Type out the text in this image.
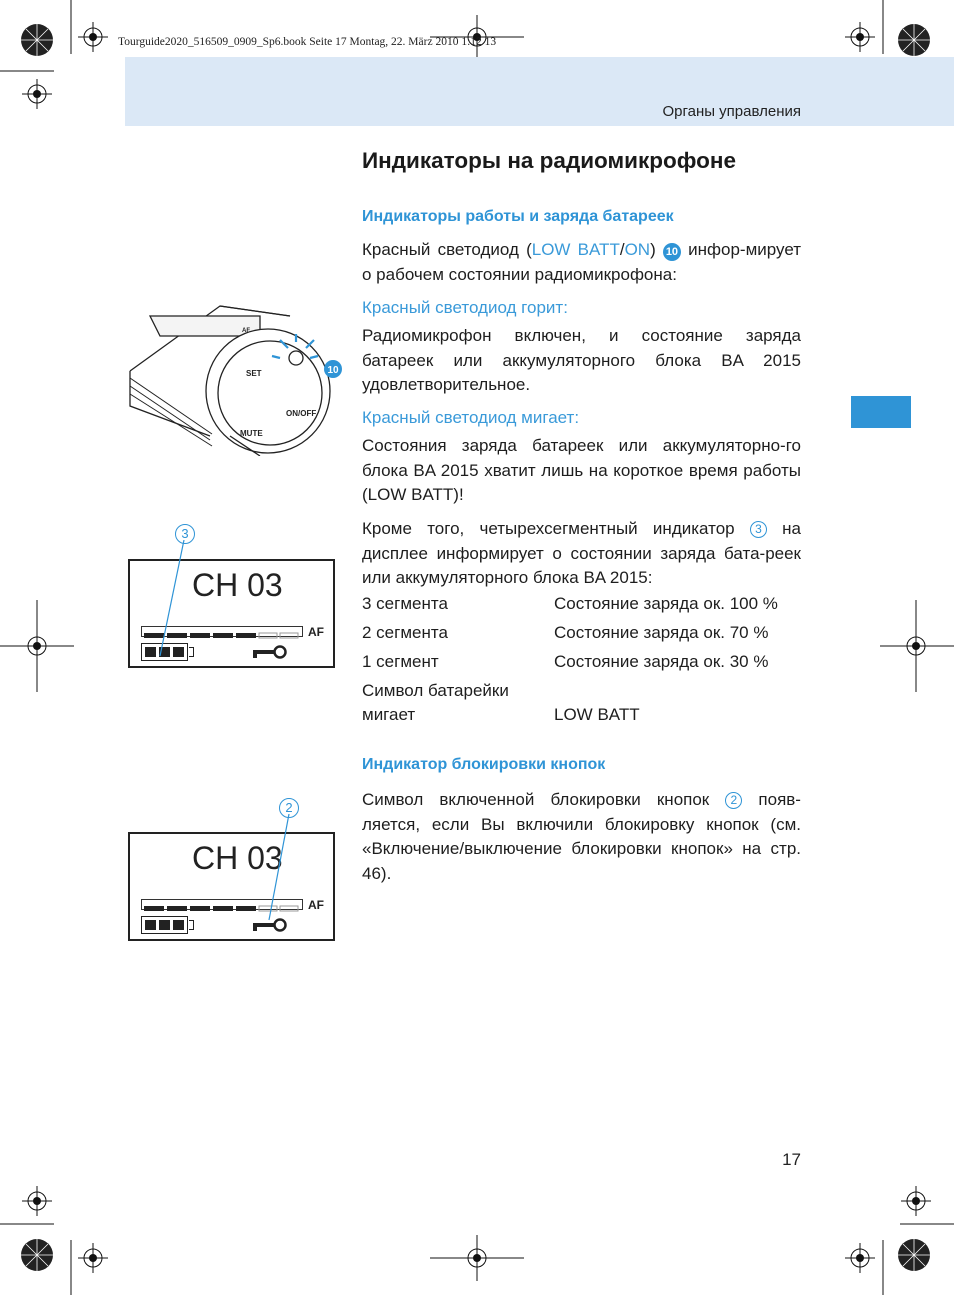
Tourguide2020_516509_0909_Sp6.book Seite 17 Montag, 22. März 2010 1:12 13
Органы управления
Индикаторы на радиомикрофоне
Индикаторы работы и заряда батареек
Красный светодиод (LOW BATT/ON) 10 инфор-мирует о рабочем состоянии радиомикрофона:
Красный светодиод горит:
Радиомикрофон включен, и состояние заряда батареек или аккумуляторного блока BA 2015 удовлетворительное.
Красный светодиод мигает:
Состояния заряда батареек или аккумуляторно-го блока BA 2015 хватит лишь на короткое время работы (LOW BATT)!
Кроме того, четырехсегментный индикатор 3 на дисплее информирует о состоянии заряда бата-реек или аккумуляторного блока BA 2015:
3 сегмента	Состояние заряда ок. 100 %
2 сегмента	Состояние заряда ок. 70 %
1 сегмент	Состояние заряда ок. 30 %
Символ батарейки
мигает	LOW BATT
Индикатор блокировки кнопок
Символ включенной блокировки кнопок 2 появ-ляется, если Вы включили блокировку кнопок (см. «Включение/выключение блокировки кнопок» на стр. 46).
SET
ON/OFF
MUTE
AF
10
3
CH 03
AF
2
CH 03
AF
17
